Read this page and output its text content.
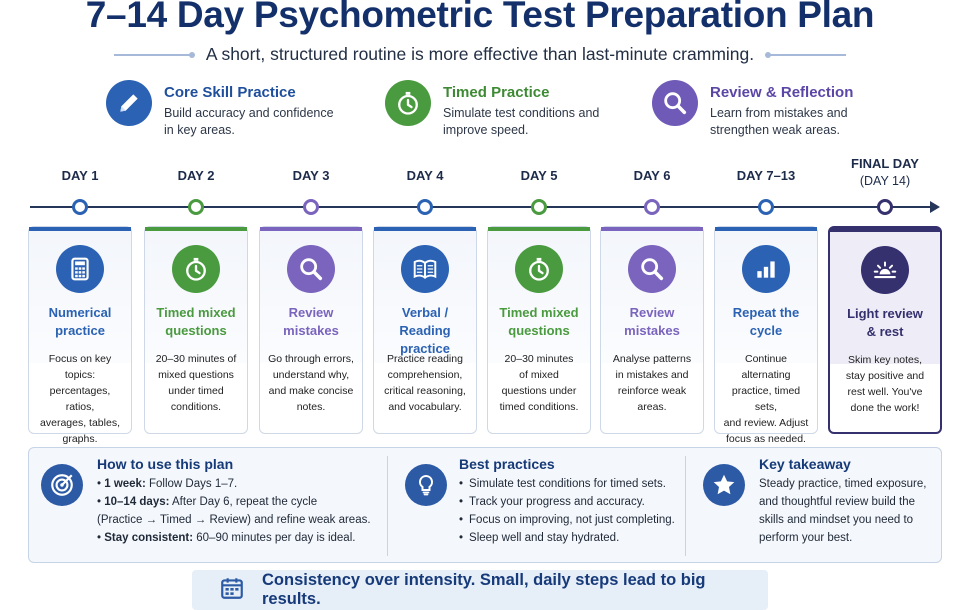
7–14 Day Psychometric Test Preparation Plan
A short, structured routine is more effective than last-minute cramming.
Core Skill Practice
Build accuracy and confidence
in key areas.
Timed Practice
Simulate test conditions and
improve speed.
Review & Reflection
Learn from mistakes and
strengthen weak areas.
DAY 1
Numerical
practice
Focus on key topics:
percentages, ratios,
averages, tables,
graphs.
DAY 2
Timed mixed
questions
20–30 minutes of
mixed questions
under timed
conditions.
DAY 3
Review
mistakes
Go through errors,
understand why,
and make concise
notes.
DAY 4
Verbal / Reading
practice
Practice reading
comprehension,
critical reasoning,
and vocabulary.
DAY 5
Timed mixed
questions
20–30 minutes
of mixed
questions under
timed conditions.
DAY 6
Review
mistakes
Analyse patterns
in mistakes and
reinforce weak
areas.
DAY 7–13
Repeat the
cycle
Continue alternating
practice, timed sets,
and review. Adjust
focus as needed.
FINAL DAY
(DAY 14)
Light review
& rest
Skim key notes,
stay positive and
rest well. You've
done the work!
How to use this plan
• 1 week: Follow Days 1–7.
• 10–14 days: After Day 6, repeat the cycle
(Practice → Timed → Review) and refine weak areas.
• Stay consistent: 60–90 minutes per day is ideal.
Best practices
• Simulate test conditions for timed sets.
• Track your progress and accuracy.
• Focus on improving, not just completing.
• Sleep well and stay hydrated.
Key takeaway
Steady practice, timed exposure,
and thoughtful review build the
skills and mindset you need to
perform your best.
Consistency over intensity. Small, daily steps lead to big results.
